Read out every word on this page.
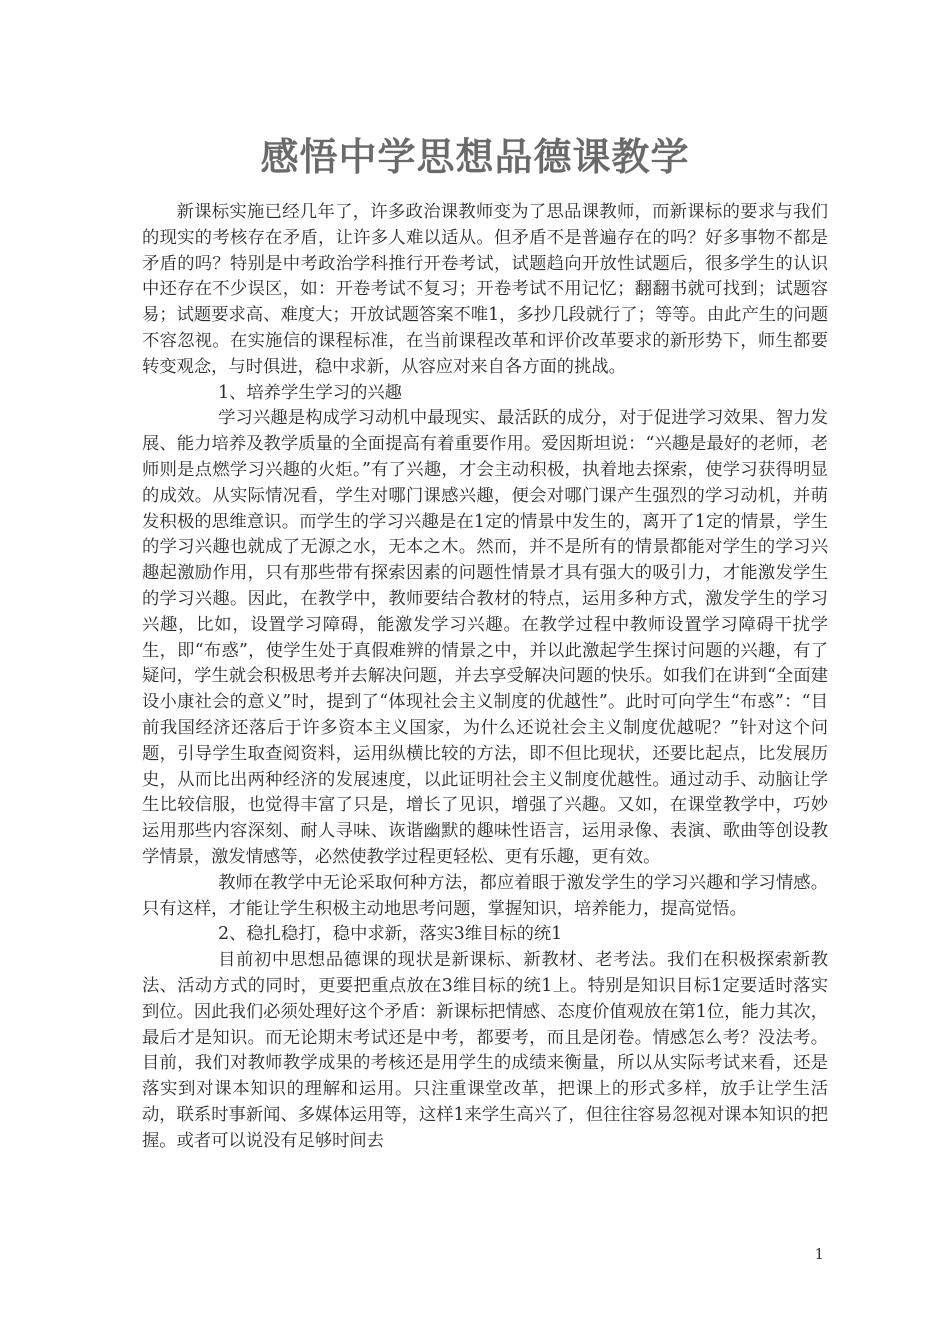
感悟中学思想品德课教学

新课标实施已经几年了，许多政治课教师变为了思品课教师，而新课标的要求与我们的现实的考核存在矛盾，让许多人难以适从。但矛盾不是普遍存在的吗？好多事物不都是矛盾的吗？特别是中考政治学科推行开卷考试，试题趋向开放性试题后，很多学生的认识中还存在不少误区，如：开卷考试不复习；开卷考试不用记忆；翻翻书就可找到；试题容易；试题要求高、难度大；开放试题答案不唯1，多抄几段就行了；等等。由此产生的问题不容忽视。在实施信的课程标准，在当前课程改革和评价改革要求的新形势下，师生都要转变观念，与时俱进，稳中求新，从容应对来自各方面的挑战。

1、培养学生学习的兴趣

学习兴趣是构成学习动机中最现实、最活跃的成分，对于促进学习效果、智力发展、能力培养及教学质量的全面提高有着重要作用。爱因斯坦说：“兴趣是最好的老师，老师则是点燃学习兴趣的火炬。”有了兴趣，才会主动积极，执着地去探索，使学习获得明显的成效。从实际情况看，学生对哪门课感兴趣，便会对哪门课产生强烈的学习动机，并萌发积极的思维意识。而学生的学习兴趣是在1定的情景中发生的，离开了1定的情景，学生的学习兴趣也就成了无源之水，无本之木。然而，并不是所有的情景都能对学生的学习兴趣起激励作用，只有那些带有探索因素的问题性情景才具有强大的吸引力，才能激发学生的学习兴趣。因此，在教学中，教师要结合教材的特点，运用多种方式，激发学生的学习兴趣，比如，设置学习障碍，能激发学习兴趣。在教学过程中教师设置学习障碍干扰学生，即“布惑”，使学生处于真假难辨的情景之中，并以此激起学生探讨问题的兴趣，有了疑问，学生就会积极思考并去解决问题，并去享受解决问题的快乐。如我们在讲到“全面建设小康社会的意义”时，提到了“体现社会主义制度的优越性”。此时可向学生“布惑”：“目前我国经济还落后于许多资本主义国家，为什么还说社会主义制度优越呢？”针对这个问题，引导学生取查阅资料，运用纵横比较的方法，即不但比现状，还要比起点，比发展历史，从而比出两种经济的发展速度，以此证明社会主义制度优越性。通过动手、动脑让学生比较信服，也觉得丰富了只是，增长了见识，增强了兴趣。又如，在课堂教学中，巧妙运用那些内容深刻、耐人寻味、诙谐幽默的趣味性语言，运用录像、表演、歌曲等创设教学情景，激发情感等，必然使教学过程更轻松、更有乐趣，更有效。

教师在教学中无论采取何种方法，都应着眼于激发学生的学习兴趣和学习情感。只有这样，才能让学生积极主动地思考问题，掌握知识，培养能力，提高觉悟。

2、稳扎稳打，稳中求新，落实3维目标的统1

目前初中思想品德课的现状是新课标、新教材、老考法。我们在积极探索新教法、活动方式的同时，更要把重点放在3维目标的统1上。特别是知识目标1定要适时落实到位。因此我们必须处理好这个矛盾：新课标把情感、态度价值观放在第1位，能力其次，最后才是知识。而无论期末考试还是中考，都要考，而且是闭卷。情感怎么考？没法考。目前，我们对教师教学成果的考核还是用学生的成绩来衡量，所以从实际考试来看，还是落实到对课本知识的理解和运用。只注重课堂改革，把课上的形式多样，放手让学生活动，联系时事新闻、多媒体运用等，这样1来学生高兴了，但往往容易忽视对课本知识的把握。或者可以说没有足够时间去

1
